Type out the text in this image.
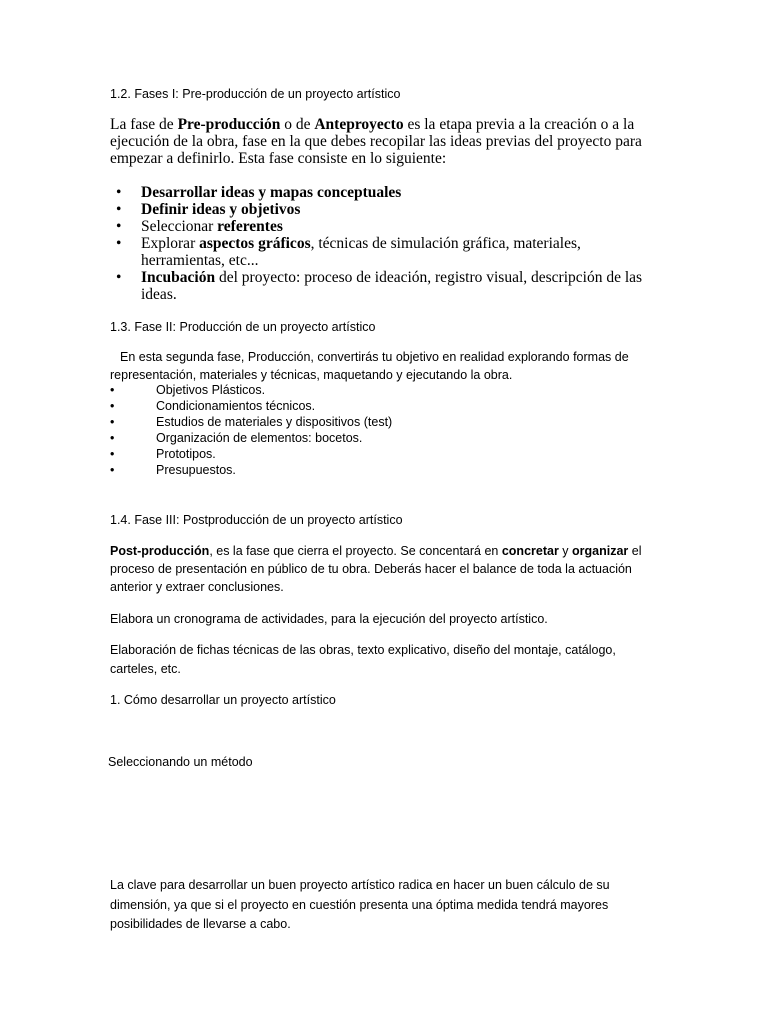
1.2. Fases I: Pre-producción de un proyecto artístico

La fase de Pre-producción o de Anteproyecto es la etapa previa a la creación o a la ejecución de la obra, fase en la que debes recopilar las ideas previas del proyecto para empezar a definirlo. Esta fase consiste en lo siguiente:

• Desarrollar ideas y mapas conceptuales
• Definir ideas y objetivos
• Seleccionar referentes
• Explorar aspectos gráficos, técnicas de simulación gráfica, materiales, herramientas, etc...
• Incubación del proyecto: proceso de ideación, registro visual, descripción de las ideas.

1.3. Fase II: Producción de un proyecto artístico

En esta segunda fase, Producción, convertirás tu objetivo en realidad explorando formas de representación, materiales y técnicas, maquetando y ejecutando la obra.

•	Objetivos Plásticos.
•	Condicionamientos técnicos.
•	Estudios de materiales y dispositivos (test)
•	Organización de elementos: bocetos.
•	Prototipos.
•	Presupuestos.

1.4. Fase III: Postproducción de un proyecto artístico

Post-producción, es la fase que cierra el proyecto. Se concentará en concretar y organizar el proceso de presentación en público de tu obra. Deberás hacer el balance de toda la actuación anterior y extraer conclusiones.

Elabora un cronograma de actividades, para la ejecución del proyecto artístico.

Elaboración de fichas técnicas de las obras, texto explicativo, diseño del montaje, catálogo, carteles, etc.

1. Cómo desarrollar un proyecto artístico

Seleccionando un método

La clave para desarrollar un buen proyecto artístico radica en hacer un buen cálculo de su dimensión, ya que si el proyecto en cuestión presenta una óptima medida tendrá mayores posibilidades de llevarse a cabo.
